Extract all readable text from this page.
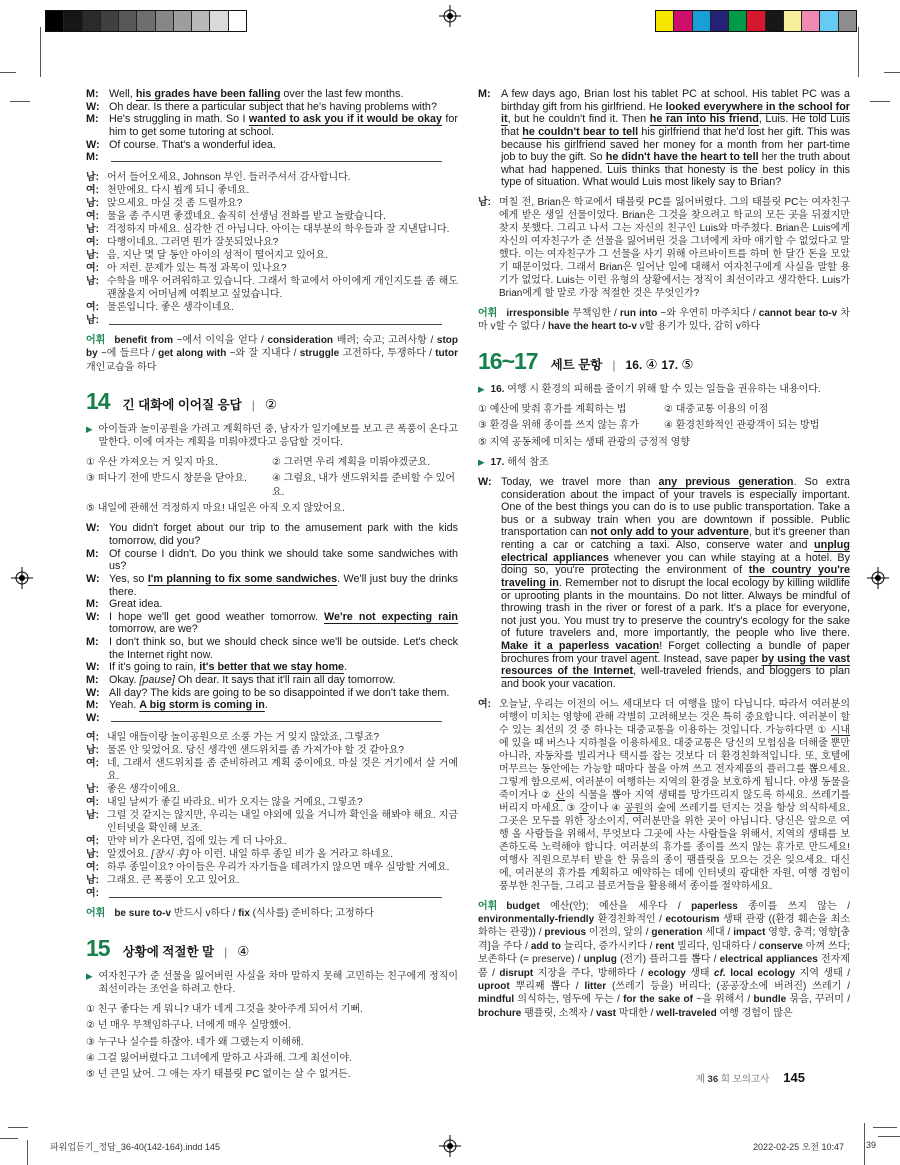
M: Well, his grades have been falling over the last few months.
W: Oh dear. Is there a particular subject that he's having problems with?
M: He's struggling in math. So I wanted to ask you if it would be okay for him to get some tutoring at school.
W: Of course. That's a wonderful idea.
M:
남: 어서 들어오세요, Johnson 부인. 들러주셔서 감사합니다.
여: 천만에요. 다시 뵙게 되니 좋네요.
남: 앉으세요. 마실 것 좀 드릴까요?
여: 물을 좀 주시면 좋겠네요. 솔직히 선생님 전화를 받고 놀랐습니다.
남: 걱정하지 마세요. 심각한 건 아닙니다. 아이는 대부분의 학우들과 잘 지낸답니다.
여: 다행이네요. 그러면 뭔가 잘못되었나요?
남: 음, 지난 몇 달 동안 아이의 성적이 떨어지고 있어요.
여: 아 저런. 문제가 있는 특정 과목이 있나요?
남: 수학을 매우 어려워하고 있습니다. 그래서 학교에서 아이에게 개인지도를 좀 해도 괜찮을지 어머님께 여쭤보고 싶었습니다.
여: 물론입니다. 좋은 생각이네요.
남:
어휘 benefit from ~에서 이익을 얻다 / consideration 배려; 숙고; 고려사항 / stop by ~에 들르다 / get along with ~와 잘 지내다 / struggle 고전하다, 투쟁하다 / tutor 개인교습을 하다
14 긴 대화에 이어질 응답 | ②
▶ 아이들과 놀이공원을 가려고 계획하던 중, 남자가 일기예보를 보고 큰 폭풍이 온다고 말한다. 이에 여자는 계획을 미뤄야겠다고 응답할 것이다.
① 우산 가져오는 거 잊지 마요.	② 그러면 우리 계획을 미뤄야겠군요.
③ 떠나기 전에 반드시 창문을 닫아요.	④ 그럼요, 내가 샌드위치를 준비할 수 있어요.
⑤ 내일에 관해선 걱정하지 마요! 내일은 아직 오지 않았어요.
W: You didn't forget about our trip to the amusement park with the kids tomorrow, did you?
M: Of course I didn't. Do you think we should take some sandwiches with us?
W: Yes, so I'm planning to fix some sandwiches. We'll just buy the drinks there.
M: Great idea.
W: I hope we'll get good weather tomorrow. We're not expecting rain tomorrow, are we?
M: I don't think so, but we should check since we'll be outside. Let's check the Internet right now.
W: If it's going to rain, it's better that we stay home.
M: Okay. [pause] Oh dear. It says that it'll rain all day tomorrow.
W: All day? The kids are going to be so disappointed if we don't take them.
M: Yeah. A big storm is coming in.
W:
여: 내일 애들이랑 놀이공원으로 소풍 가는 거 잊지 않았죠, 그렇죠?
남: 물론 안 잊었어요. 당신 생각엔 샌드위치를 좀 가져가야 할 것 같아요?
여: 네, 그래서 샌드위치를 좀 준비하려고 계획 중이에요. 마실 것은 거기에서 살 거예요.
남: 좋은 생각이에요.
여: 내일 날씨가 좋길 바라요. 비가 오지는 않을 거예요, 그렇죠?
남: 그럴 것 같지는 않지만, 우리는 내일 야외에 있을 거니까 확인을 해봐야 해요. 지금 인터넷을 확인해 보죠.
여: 만약 비가 온다면, 집에 있는 게 더 나아요.
남: 알겠어요. [잠시 후] 아 이런. 내일 하루 종일 비가 올 거라고 하네요.
여: 하루 종일이요? 아이들은 우리가 자기들을 데려가지 않으면 매우 실망할 거예요.
남: 그래요. 큰 폭풍이 오고 있어요.
여:
어휘 be sure to-v 반드시 v하다 / fix (식사를) 준비하다; 고정하다
15 상황에 적절한 말 | ④
▶ 여자친구가 준 선물을 잃어버린 사실을 차마 말하지 못해 고민하는 친구에게 정직이 최선이라는 조언을 하려고 한다.
① 친구 좋다는 게 뭐니? 내가 네게 그것을 찾아주게 되어서 기뻐.
② 넌 매우 무책임하구나. 너에게 매우 실망했어.
③ 누구나 실수를 하잖아. 네가 왜 그랬는지 이해해.
④ 그걸 잃어버렸다고 그녀에게 말하고 사과해. 그게 최선이야.
⑤ 넌 큰일 났어. 그 애는 자기 태블릿 PC 없이는 살 수 없거든.
M: A few days ago, Brian lost his tablet PC at school. His tablet PC was a birthday gift from his girlfriend. He looked everywhere in the school for it, but he couldn't find it. Then he ran into his friend, Luis. He told Luis that he couldn't bear to tell his girlfriend that he'd lost her gift. This was because his girlfriend saved her money for a month from her part-time job to buy the gift. So he didn't have the heart to tell her the truth about what had happened. Luis thinks that honesty is the best policy in this type of situation. What would Luis most likely say to Brian?
남: 며칠 전, Brian은 학교에서 태블릿 PC를 잃어버렸다. 그의 태블릿 PC는 여자친구에게 받은 생일 선물이었다. Brian은 그것을 찾으려고 학교의 모든 곳을 뒤졌지만 찾지 못했다. 그리고 나서 그는 자신의 친구인 Luis와 마주쳤다. Brian은 Luis에게 자신의 여자친구가 준 선물을 잃어버린 것을 그녀에게 차마 얘기할 수 없었다고 말했다. 이는 여자친구가 그 선물을 사기 위해 아르바이트를 하며 한 달간 돈을 모았기 때문이었다. 그래서 Brian은 일어난 일에 대해서 여자친구에게 사실을 말할 용기가 없었다. Luis는 이런 유형의 상황에서는 정직이 최선이라고 생각한다. Luis가 Brian에게 할 말로 가장 적절한 것은 무엇인가?
어휘 irresponsible 무책임한 / run into ~와 우연히 마주치다 / cannot bear to-v 차마 v할 수 없다 / have the heart to-v v할 용기가 있다, 감히 v하다
16~17 세트 문항 | 16. ④ 17. ⑤
▶ 16. 여행 시 환경의 피해를 줄이기 위해 할 수 있는 일들을 권유하는 내용이다.
① 예산에 맞춰 휴가를 계획하는 법	② 대중교통 이용의 이점
③ 환경을 위해 종이를 쓰지 않는 휴가	④ 환경친화적인 관광객이 되는 방법
⑤ 지역 공동체에 미치는 생태 관광의 긍정적 영향
▶ 17. 해석 참조
W: Today, we travel more than any previous generation. So extra consideration about the impact of your travels is especially important. One of the best things you can do is to use public transportation. Take a bus or a subway train when you are downtown if possible. Public transportation can not only add to your adventure, but it's greener than renting a car or catching a taxi. Also, conserve water and unplug electrical appliances whenever you can while staying at a hotel. By doing so, you're protecting the environment of the country you're traveling in. Remember not to disrupt the local ecology by killing wildlife or uprooting plants in the mountains. Do not litter. Always be mindful of throwing trash in the river or forest of a park. It's a place for everyone, not just you. You must try to preserve the country's ecology for the sake of future travelers and, more importantly, the people who live there. Make it a paperless vacation! Forget collecting a bundle of paper brochures from your travel agent. Instead, save paper by using the vast resources of the Internet, well-traveled friends, and bloggers to plan and book your vacation.
여: 오늘날, 우리는 이전의 어느 세대보다 더 여행을 많이 다닙니다. 따라서 여러분의 여행이 미치는 영향에 관해 각별히 고려해보는 것은 특히 중요합니다. 여러분이 할 수 있는 최선의 것 중 하나는 대중교통을 이용하는 것입니다. 가능하다면 ① 시내에 있을 때 버스나 지하철을 이용하세요. 대중교통은 당신의 모험심을 더해줄 뿐만 아니라, 자동차를 빌리거나 택시를 잡는 것보다 더 환경친화적입니다. 또, 호텔에 머무르는 동안에는 가능할 때마다 물을 아껴 쓰고 전자제품의 플러그를 뽑으세요. 그렇게 함으로써, 여러분이 여행하는 지역의 환경을 보호하게 됩니다. 야생 동물을 죽이거나 ② 산의 식물을 뽑아 지역 생태를 망가뜨리지 않도록 하세요. 쓰레기를 버리지 마세요. ③ 강이나 ④ 공원의 숲에 쓰레기를 던지는 것을 항상 의식하세요. 그곳은 모두를 위한 장소이지, 여러분만을 위한 곳이 아닙니다. 당신은 앞으로 여행 올 사람들을 위해서, 무엇보다 그곳에 사는 사람들을 위해서, 지역의 생태를 보존하도록 노력해야 합니다. 여러분의 휴가를 종이를 쓰지 않는 휴가로 만드세요! 여행사 직원으로부터 받을 한 묶음의 종이 팸플릿을 모으는 것은 잊으세요. 대신에, 여러분의 휴가를 계획하고 예약하는 데에 인터넷의 광대한 자원, 여행 경험이 풍부한 친구들, 그리고 블로거들을 활용해서 종이를 절약하세요.
어휘 budget 예산(안); 예산을 세우다 / paperless 종이를 쓰지 않는 / environmentally-friendly 환경친화적인 / ecotourism 생태 관광 ((환경 훼손을 최소화하는 관광)) / previous 이전의, 앞의 / generation 세대 / impact 영향, 충격; 영향[충격]을 주다 / add to 늘리다, 증가시키다 / rent 빌리다, 임대하다 / conserve 아껴 쓰다; 보존하다 (= preserve) / unplug (전기) 플러그를 뽑다 / electrical appliances 전자제품 / disrupt 지장을 주다, 방해하다 / ecology 생태 cf. local ecology 지역 생태 / uproot 뿌리째 뽑다 / litter (쓰레기 등을) 버리다; (공공장소에 버려진) 쓰레기 / mindful 의식하는, 염두에 두는 / for the sake of ~을 위해서 / bundle 묶음, 꾸러미 / brochure 팸플릿, 소책자 / vast 막대한 / well-traveled 여행 경험이 많은
제 36 회 모의고사 145
파워업듣기_정답_36-40(142-164).indd 145	2022-02-25 오전 10:47 39
